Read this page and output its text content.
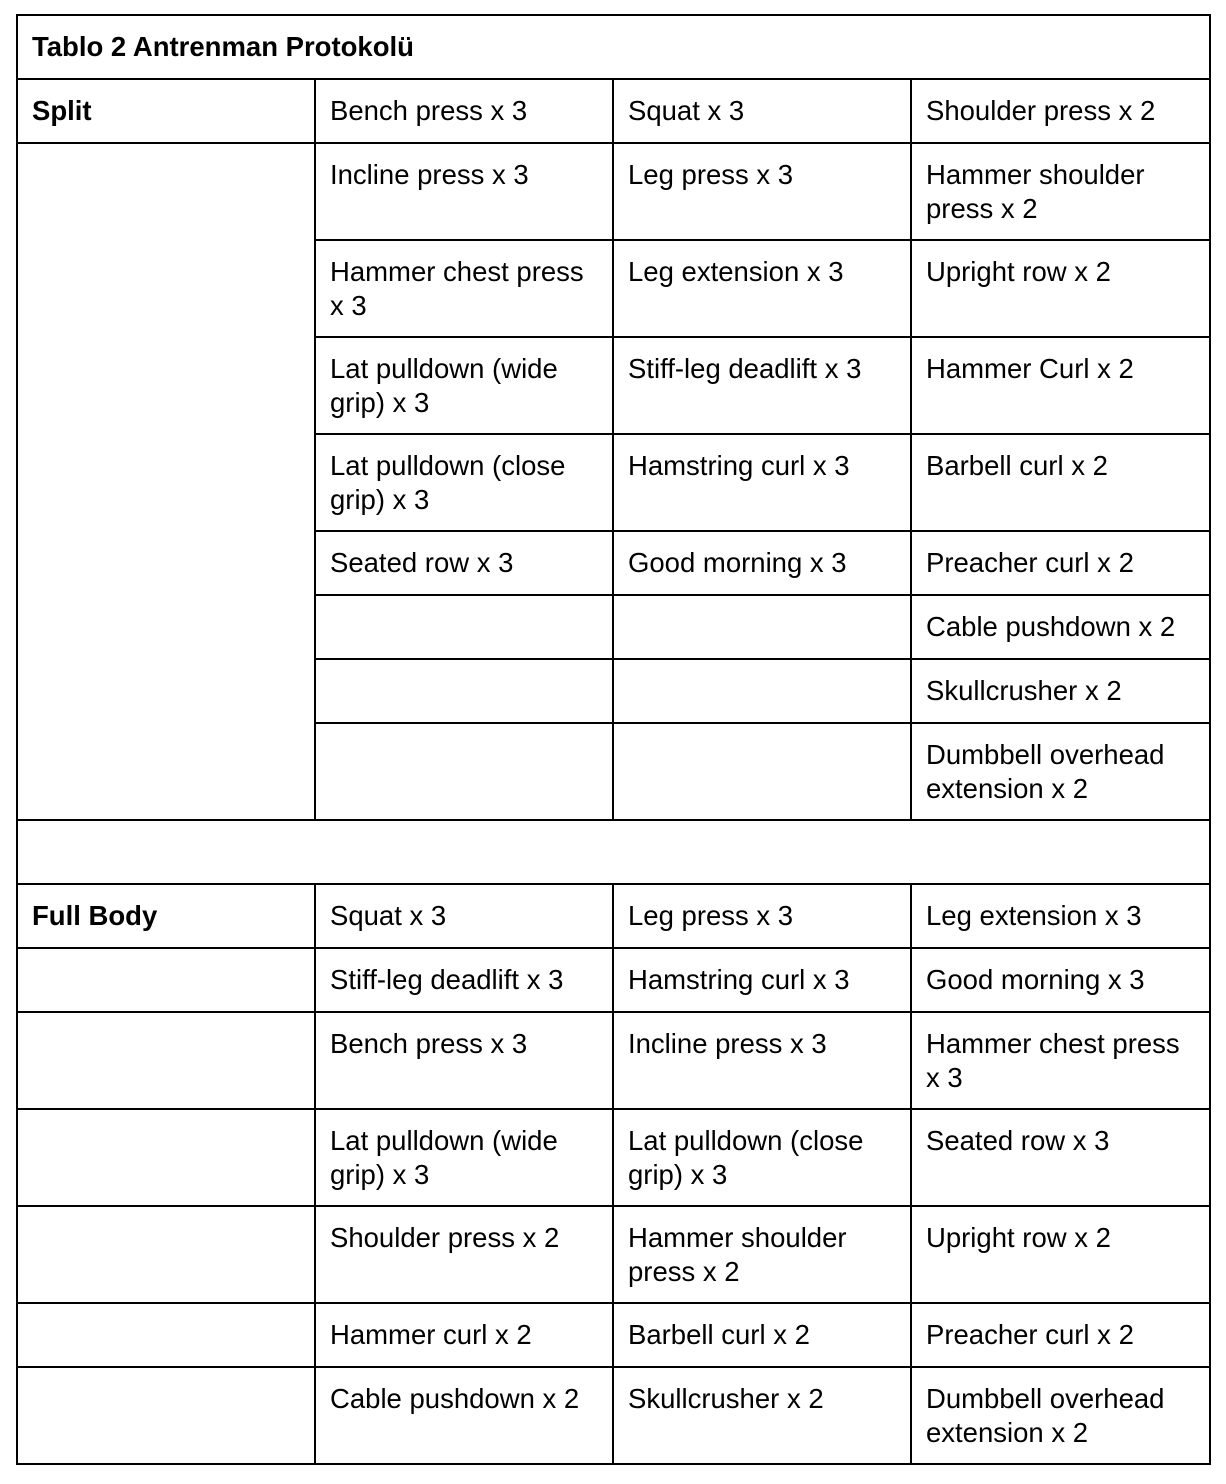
Tablo 2 Antrenman Protokolü			
Split	Bench press x 3	Squat x 3	Shoulder press x 2
	Incline press x 3	Leg press x 3	Hammer shoulder press x 2
	Hammer chest press x 3	Leg extension x 3	Upright row x 2
	Lat pulldown (wide grip) x 3	Stiff-leg deadlift x 3	Hammer Curl x 2
	Lat pulldown (close grip) x 3	Hamstring curl x 3	Barbell curl x 2
	Seated row x 3	Good morning x 3	Preacher curl x 2
			Cable pushdown x 2
			Skullcrusher x 2
			Dumbbell overhead extension x 2

Full Body	Squat x 3	Leg press x 3	Leg extension x 3
	Stiff-leg deadlift x 3	Hamstring curl x 3	Good morning x 3
	Bench press x 3	Incline press x 3	Hammer chest press x 3
	Lat pulldown (wide grip) x 3	Lat pulldown (close grip) x 3	Seated row x 3
	Shoulder press x 2	Hammer shoulder press x 2	Upright row x 2
	Hammer curl x 2	Barbell curl x 2	Preacher curl x 2
	Cable pushdown x 2	Skullcrusher x 2	Dumbbell overhead extension x 2
